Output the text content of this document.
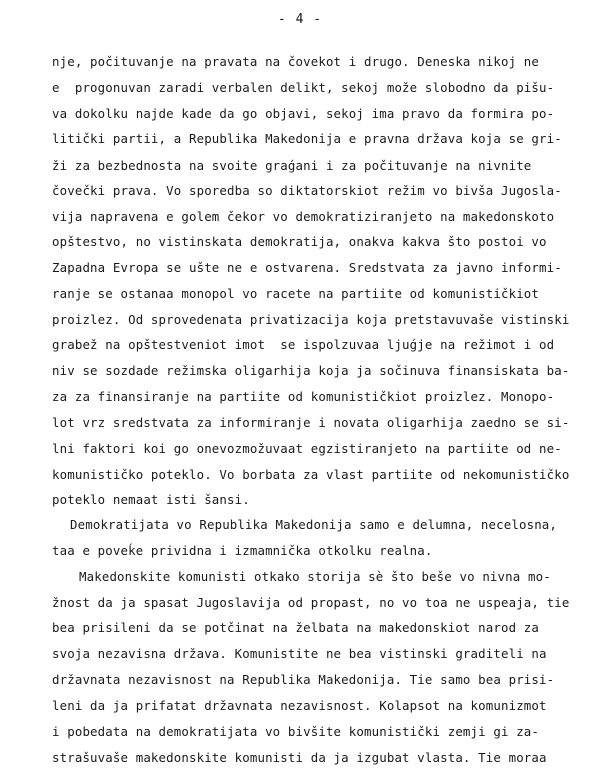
- 4 -

nje, počituvanje na pravata na čovekot i drugo. Deneska nikoj ne

e  progonuvan zaradi verbalen delikt, sekoj može slobodno da pišu-

va dokolku najde kade da go objavi, sekoj ima pravo da formira po-

litički partii, a Republika Makedonija e pravna država koja se gri-

ži za bezbednosta na svoite graǵani i za počituvanje na nivnite

čovečki prava. Vo sporedba so diktatorskiot režim vo bivša Jugosla-

vija napravena e golem čekor vo demokratiziranjeto na makedonskoto

opštestvo, no vistinskata demokratija, onakva kakva što postoi vo

Zapadna Evropa se ušte ne e ostvarena. Sredstvata za javno informi-

ranje se ostanaa monopol vo racete na partiite od komunističkiot

proizlez. Od sprovedenata privatizacija koja pretstavuvaše vistinski

grabež na opštestveniot imot  se ispolzuvaa ljuǵje na režimot i od

niv se sozdade režimska oligarhija koja ja sočinuva finansiskata ba-

za za finansiranje na partiite od komunističkiot proizlez. Monopo-

lot vrz sredstvata za informiranje i novata oligarhija zaedno se si-

lni faktori koi go onevozmožuvaat egzistiranjeto na partiite od ne-

komunističko poteklo. Vo borbata za vlast partiite od nekomunističko

poteklo nemaat isti šansi.

Demokratijata vo Republika Makedonija samo e delumna, necelosna,

taa e poveḱe prividna i izmamnička otkolku realna.

Makedonskite komunisti otkako storija sè što beše vo nivna mo-

žnost da ja spasat Jugoslavija od propast, no vo toa ne uspeaja, tie

bea prisileni da se potčinat na želbata na makedonskiot narod za

svoja nezavisna država. Komunistite ne bea vistinski graditeli na

državnata nezavisnost na Republika Makedonija. Tie samo bea prisi-

leni da ja prifatat državnata nezavisnost. Kolapsot na komunizmot

i pobedata na demokratijata vo bivšite komunistički zemji gi za-

strašuvaše makedonskite komunisti da ja izgubat vlasta. Tie moraa
